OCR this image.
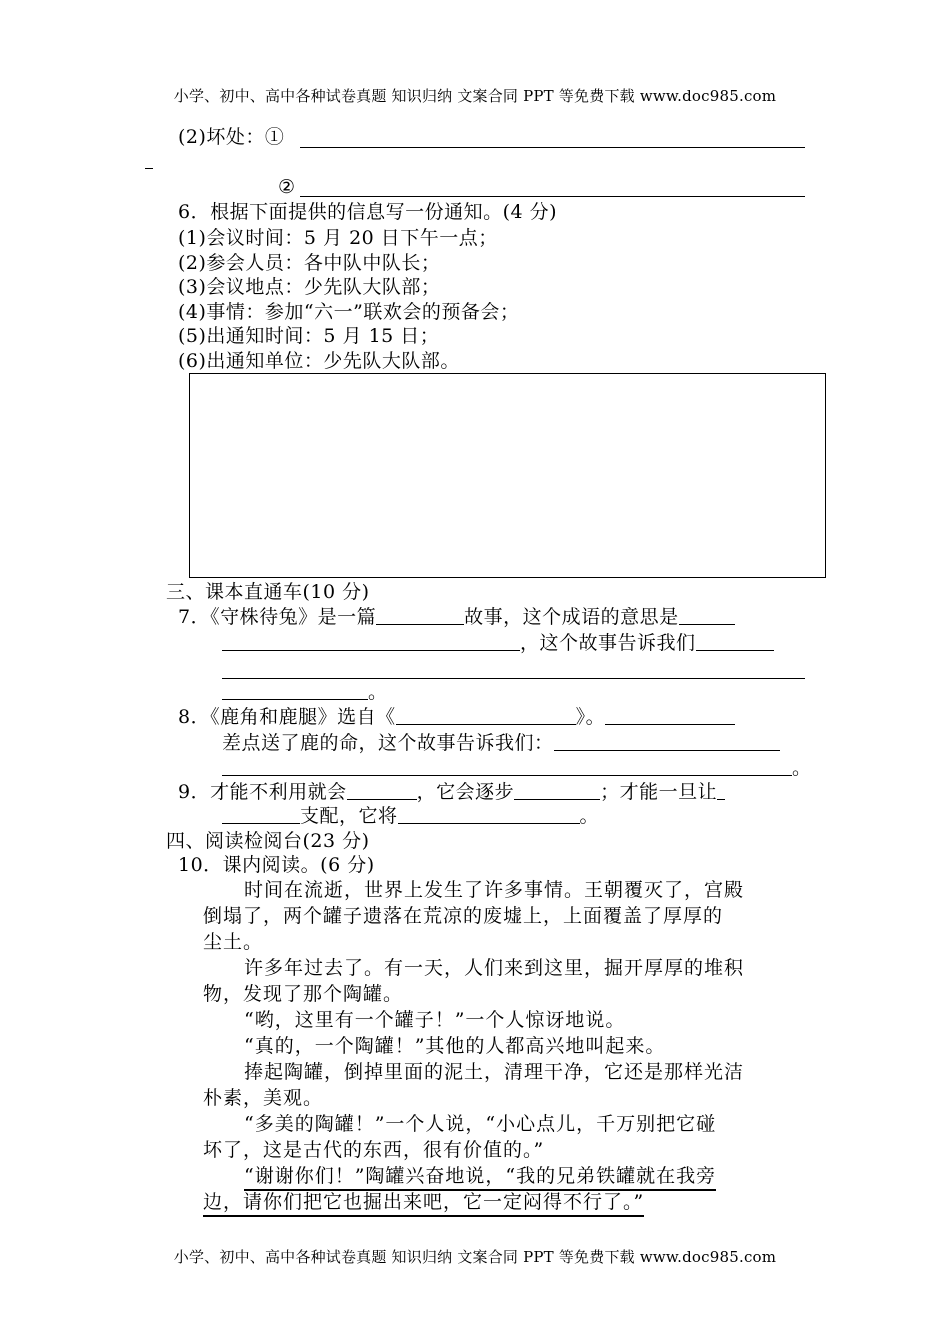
小学、初中、高中各种试卷真题 知识归纳 文案合同 PPT 等免费下载 www.doc985.com
(2)坏处：①
②
6．根据下面提供的信息写一份通知。(4 分)
(1)会议时间：5 月 20 日下午一点；
(2)参会人员：各中队中队长；
(3)会议地点：少先队大队部；
(4)事情：参加“六一”联欢会的预备会；
(5)出通知时间：5 月 15 日；
(6)出通知单位：少先队大队部。
三、课本直通车(10 分)
7．《守株待兔》是一篇	故事，这个成语的意思是
，这个故事告诉我们
。
8．《鹿角和鹿腿》选自《	》。
差点送了鹿的命，这个故事告诉我们：
。
9．才能不利用就会	，它会逐步	；才能一旦让
支配，它将	。
四、阅读检阅台(23 分)
10．课内阅读。(6 分)
时间在流逝，世界上发生了许多事情。王朝覆灭了，宫殿
倒塌了，两个罐子遗落在荒凉的废墟上，上面覆盖了厚厚的
尘土。
许多年过去了。有一天，人们来到这里，掘开厚厚的堆积
物，发现了那个陶罐。
“哟，这里有一个罐子！”一个人惊讶地说。
“真的，一个陶罐！”其他的人都高兴地叫起来。
捧起陶罐，倒掉里面的泥土，清理干净，它还是那样光洁
朴素，美观。
“多美的陶罐！”一个人说，“小心点儿，千万别把它碰
坏了，这是古代的东西，很有价值的。”
“谢谢你们！”陶罐兴奋地说，“我的兄弟铁罐就在我旁
边，请你们把它也掘出来吧，它一定闷得不行了。”
小学、初中、高中各种试卷真题 知识归纳 文案合同 PPT 等免费下载 www.doc985.com
